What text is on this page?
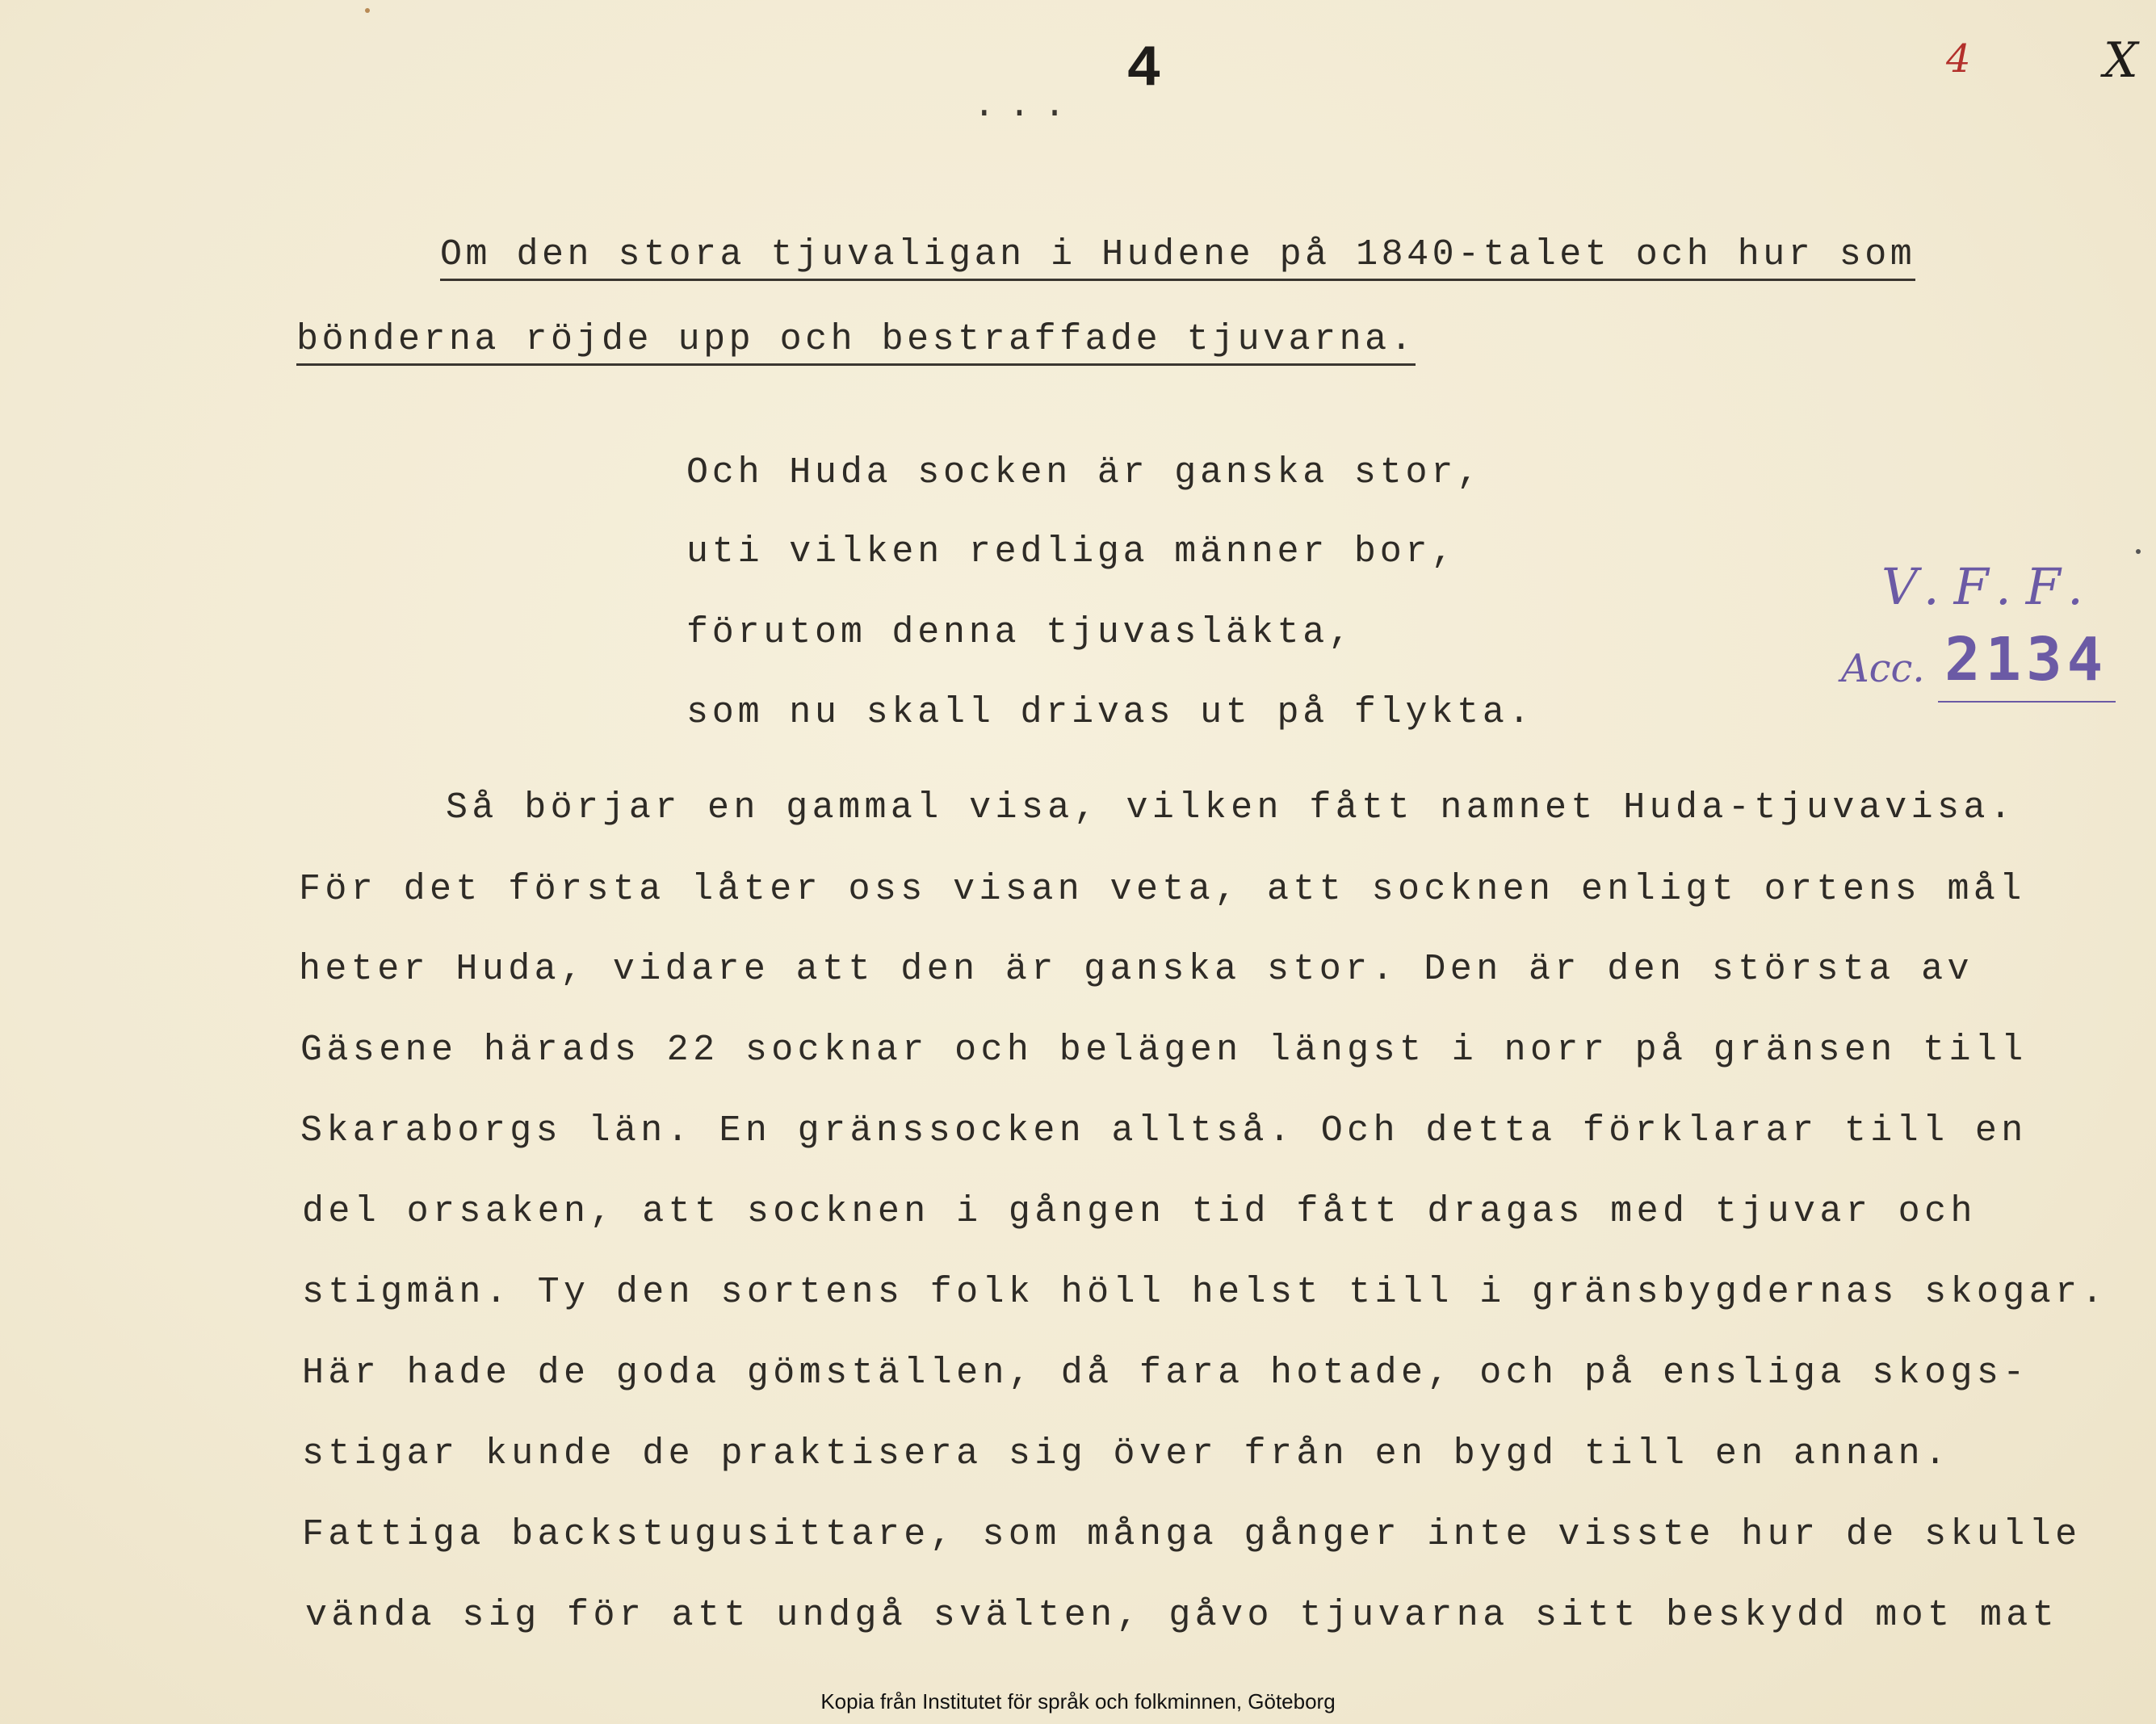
4
...
4	X
Om den stora tjuvaligan i Hudene på 1840-talet och hur som
bönderna röjde upp och bestraffade tjuvarna.
Och Huda socken är ganska stor,
uti vilken redliga männer bor,
förutom denna tjuvasläkta,
som nu skall drivas ut på flykta.
Så börjar en gammal visa, vilken fått namnet Huda-tjuvavisa.
För det första låter oss visan veta, att socknen enligt ortens mål
heter Huda, vidare att den är ganska stor. Den är den största av
Gäsene härads 22 socknar och belägen längst i norr på gränsen till
Skaraborgs län. En gränssocken alltså. Och detta förklarar till en
del orsaken, att socknen i gången tid fått dragas med tjuvar och
stigmän. Ty den sortens folk höll helst till i gränsbygdernas skogar.
Här hade de goda gömställen, då fara hotade, och på ensliga skogs-
stigar kunde de praktisera sig över från en bygd till en annan.
Fattiga backstugusittare, som många gånger inte visste hur de skulle
vända sig för att undgå svälten, gåvo tjuvarna sitt beskydd mot mat
V.F.F.
Acc. 2134
Kopia från Institutet för språk och folkminnen, Göteborg
